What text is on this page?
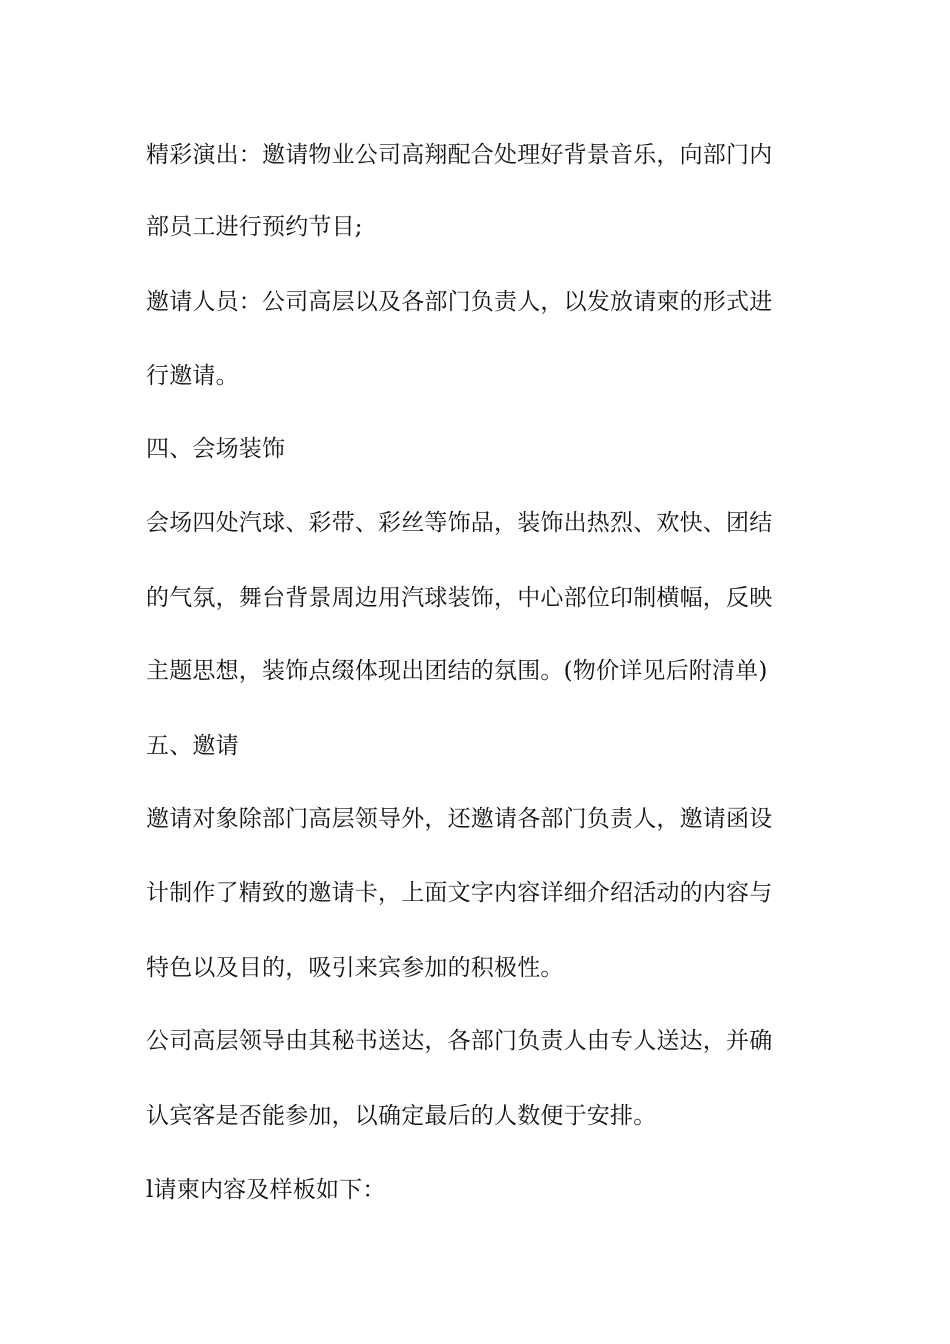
精彩演出：邀请物业公司高翔配合处理好背景音乐，向部门内
部员工进行预约节目;
邀请人员：公司高层以及各部门负责人，以发放请柬的形式进
行邀请。
四、会场装饰
会场四处汽球、彩带、彩丝等饰品，装饰出热烈、欢快、团结
的气氛，舞台背景周边用汽球装饰，中心部位印制横幅，反映
主题思想，装饰点缀体现出团结的氛围。(物价详见后附清单)
五、邀请
邀请对象除部门高层领导外，还邀请各部门负责人，邀请函设
计制作了精致的邀请卡，上面文字内容详细介绍活动的内容与
特色以及目的，吸引来宾参加的积极性。
公司高层领导由其秘书送达，各部门负责人由专人送达，并确
认宾客是否能参加，以确定最后的人数便于安排。
l请柬内容及样板如下：
